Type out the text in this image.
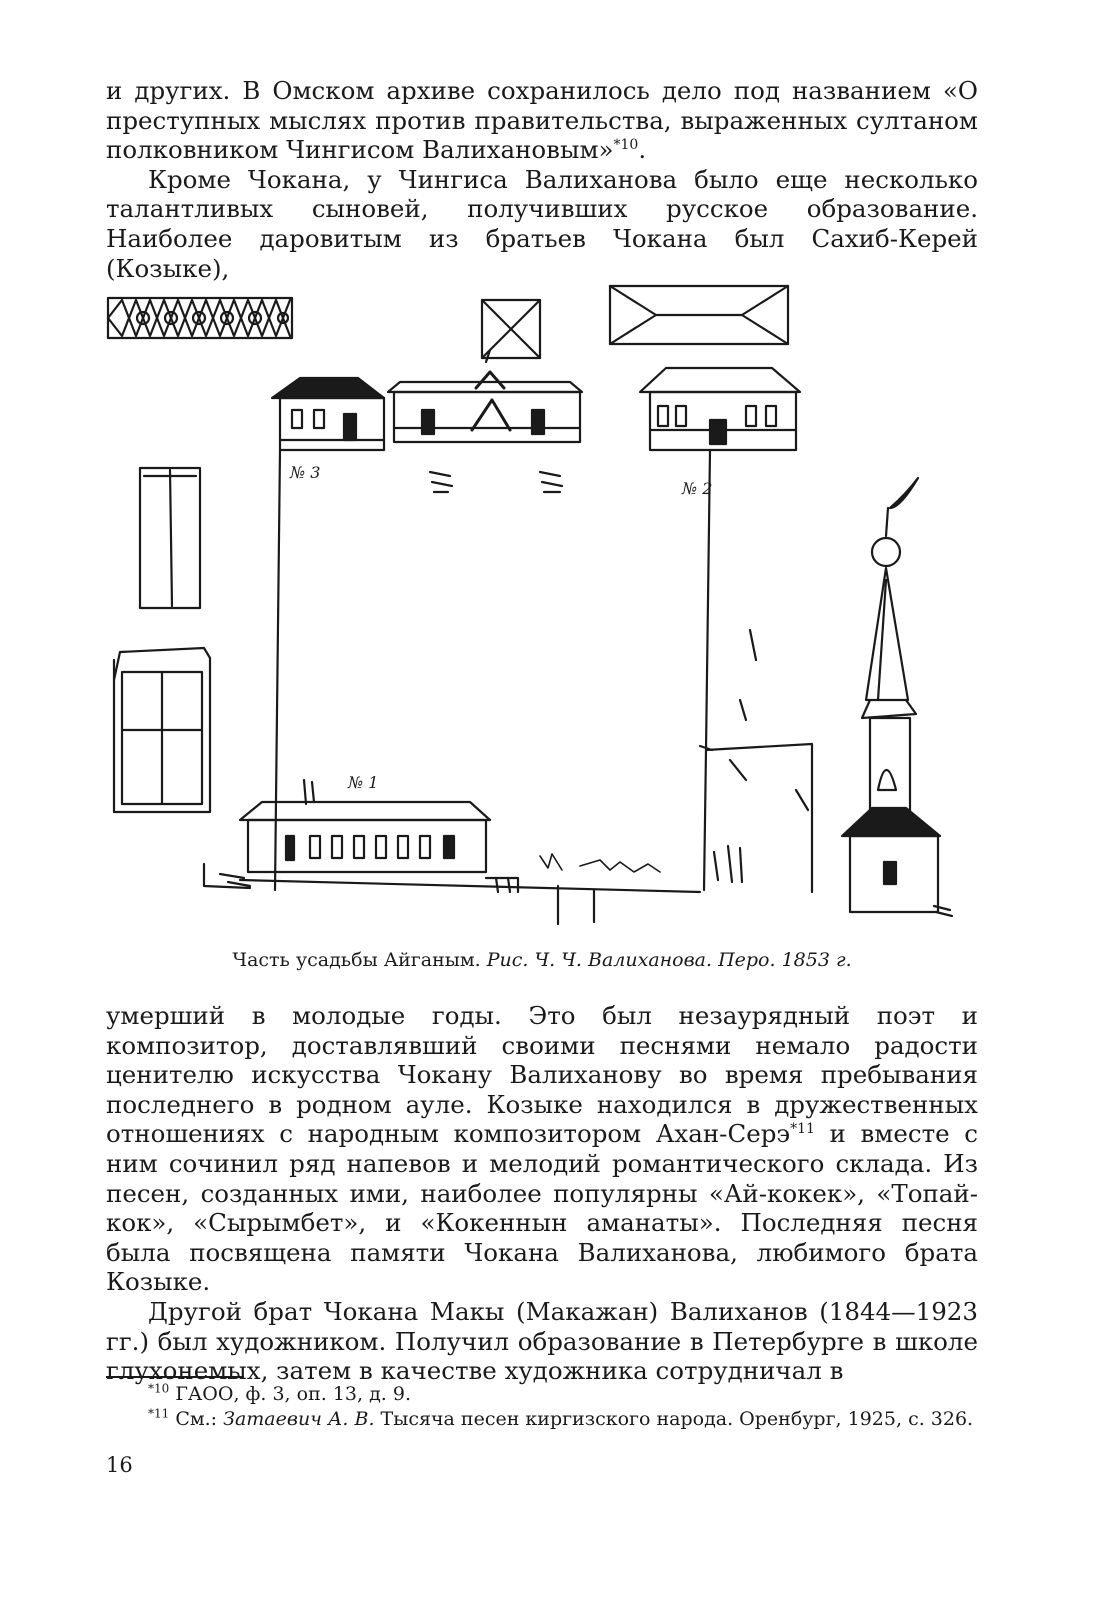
и других. В Омском архиве сохранилось дело под названием «О преступных мыслях против правительства, выраженных султаном полковником Чингисом Валихановым»$^{*10}$.

Кроме Чокана, у Чингиса Валиханова было еще несколько талантливых сыновей, получивших русское образование. Наиболее даровитым из братьев Чокана был Сахиб-Керей (Козыке),

№ 3
№ 2
№ 1
Часть усадьбы Айганым. Рис. Ч. Ч. Валиханова. Перо. 1853 г.

умерший в молодые годы. Это был незаурядный поэт и композитор, доставлявший своими песнями немало радости ценителю искусства Чокану Валиханову во время пребывания последнего в родном ауле. Козыке находился в дружественных отношениях с народным композитором Ахан-Серэ$^{*11}$ и вместе с ним сочинил ряд напевов и мелодий романтического склада. Из песен, созданных ими, наиболее популярны «Ай-кокек», «Топай-кок», «Сырымбет», и «Кокеннын аманаты». Последняя песня была посвящена памяти Чокана Валиханова, любимого брата Козыке.

Другой брат Чокана Макы (Макажан) Валиханов (1844—1923 гг.) был художником. Получил образование в Петербурге в школе глухонемых, затем в качестве художника сотрудничал в

$^{*10}$ ГАОО, ф. 3, оп. 13, д. 9.

$^{*11}$ См.: Затаевич А. В. Тысяча песен киргизского народа. Оренбург, 1925, с. 326.

16
